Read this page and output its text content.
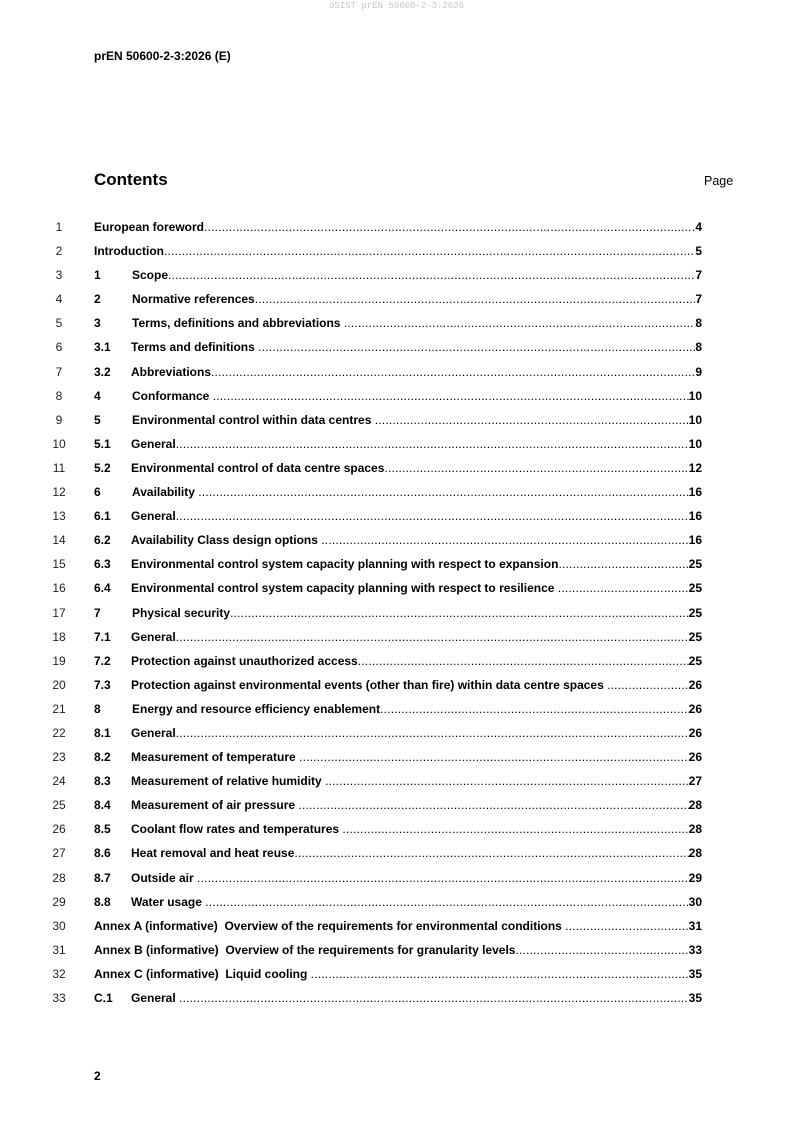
oSIST prEN 50600-2-3:2026
prEN 50600-2-3:2026 (E)
Contents	Page
1	European foreword .....	4
2	Introduction .....	5
3	1	Scope .....	7
4	2	Normative references .....	7
5	3	Terms, definitions and abbreviations .....	8
6	3.1	Terms and definitions .....	8
7	3.2	Abbreviations .....	9
8	4	Conformance .....	10
9	5	Environmental control within data centres .....	10
10	5.1	General .....	10
11	5.2	Environmental control of data centre spaces .....	12
12	6	Availability .....	16
13	6.1	General .....	16
14	6.2	Availability Class design options .....	16
15	6.3	Environmental control system capacity planning with respect to expansion .....	25
16	6.4	Environmental control system capacity planning with respect to resilience .....	25
17	7	Physical security .....	25
18	7.1	General .....	25
19	7.2	Protection against unauthorized access .....	25
20	7.3	Protection against environmental events (other than fire) within data centre spaces .....	26
21	8	Energy and resource efficiency enablement .....	26
22	8.1	General .....	26
23	8.2	Measurement of temperature .....	26
24	8.3	Measurement of relative humidity .....	27
25	8.4	Measurement of air pressure .....	28
26	8.5	Coolant flow rates and temperatures .....	28
27	8.6	Heat removal and heat reuse .....	28
28	8.7	Outside air .....	29
29	8.8	Water usage .....	30
30	Annex A (informative)  Overview of the requirements for environmental conditions .....	31
31	Annex B (informative)  Overview of the requirements for granularity levels .....	33
32	Annex C (informative)  Liquid cooling .....	35
33	C.1	General .....	35
2
